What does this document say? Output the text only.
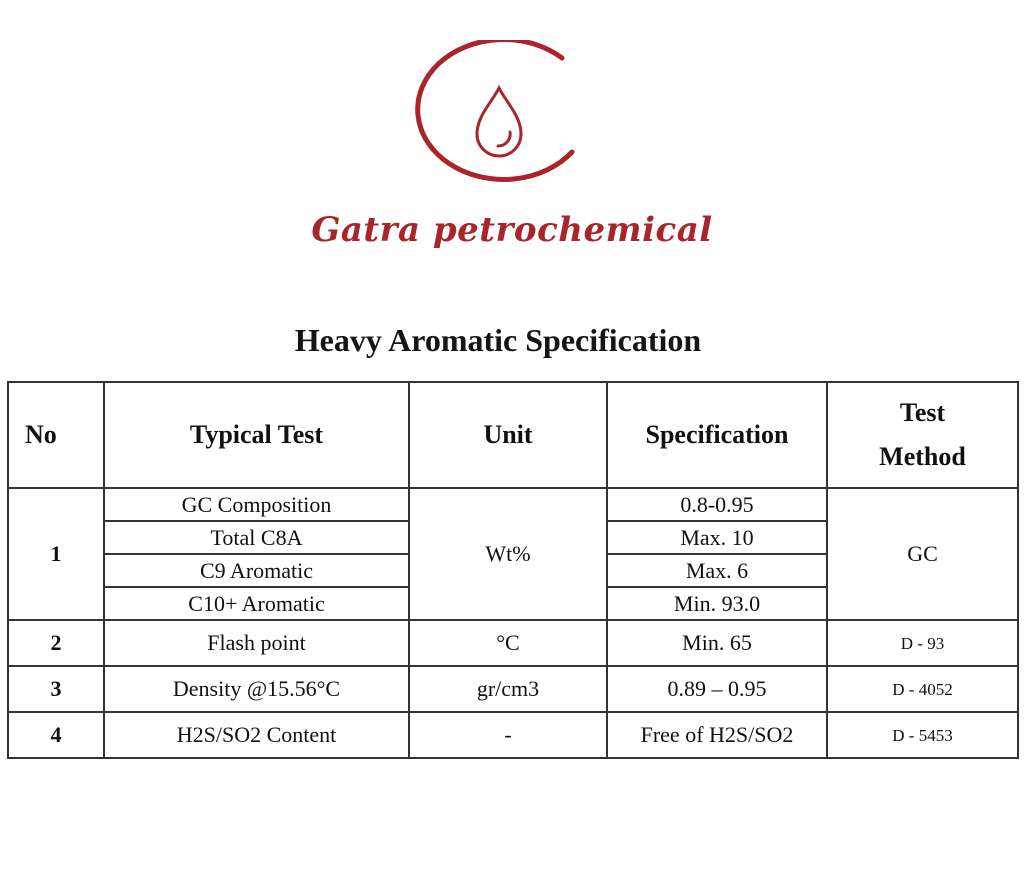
Gatra petrochemical
Heavy Aromatic Specification
No	Typical Test	Unit	Specification	Test
Method
1	GC Composition	Wt%	0.8-0.95	GC
	Total C8A		Max. 10	
	C9 Aromatic		Max. 6	
	C10+ Aromatic		Min. 93.0	
2	Flash point	°C	Min. 65	D - 93
3	Density @15.56°C	gr/cm3	0.89 – 0.95	D - 4052
4	H2S/SO2 Content	-	Free of H2S/SO2	D - 5453
